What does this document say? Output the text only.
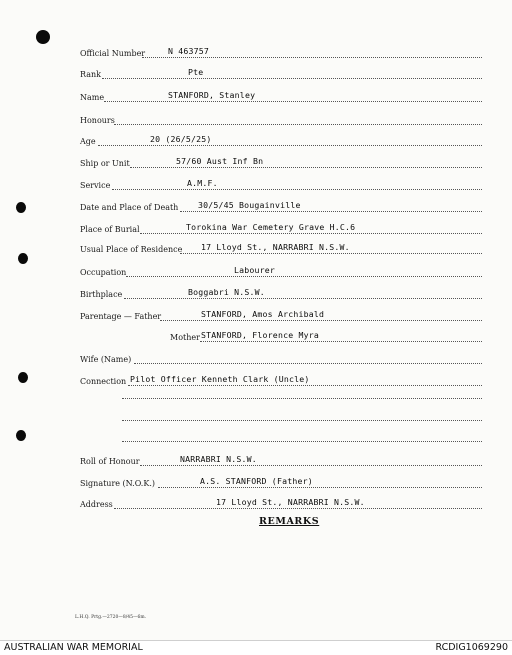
Official Number	N 463757
Rank	Pte
Name	STANFORD, Stanley
Honours
Age	20 (26/5/25)
Ship or Unit	57/60 Aust Inf Bn
Service	A.M.F.
Date and Place of Death 30/5/45 Bougainville
Place of Burial	Torokina War Cemetery Grave H.C.6
Usual Place of Residence 17 Lloyd St., NARRABRI N.S.W.
Occupation	Labourer
Birthplace	Boggabri N.S.W.
Parentage — Father	STANFORD, Amos Archibald
Mother STANFORD, Florence Myra
Wife (Name)
Connection Pilot Officer Kenneth Clark (Uncle)
Roll of Honour	NARRABRI N.S.W.
Signature (N.O.K.)	A.S. STANFORD (Father)
Address	17 Lloyd St., NARRABRI N.S.W.
REMARKS
L.H.Q. Prtg.—2720—8/45—6m.
AUSTRALIAN WAR MEMORIAL	RCDIG1069290
